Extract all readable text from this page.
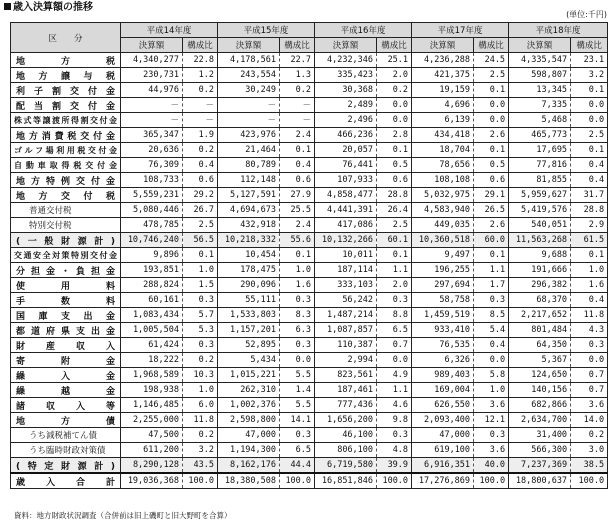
歳入決算額の推移
(単位:千円)
区　　分	平成14年度		平成15年度		平成16年度		平成17年度		平成18年度	
	決算額	構成比	決算額	構成比	決算額	構成比	決算額	構成比	決算額	構成比
地　方　税	4,340,277	22.8	4,178,561	22.7	4,232,346	25.1	4,236,288	24.5	4,335,547	23.1
地方譲与税	230,731	1.2	243,554	1.3	335,423	2.0	421,375	2.5	598,807	3.2
利子割交付金	44,976	0.2	30,249	0.2	30,368	0.2	19,159	0.1	13,345	0.1
配当割交付金	－	－	－	－	2,489	0.0	4,696	0.0	7,335	0.0
株式等譲渡所得割交付金	－	－	－	－	2,496	0.0	6,139	0.0	5,468	0.0
地方消費税交付金	365,347	1.9	423,976	2.4	466,236	2.8	434,418	2.6	465,773	2.5
ゴルフ場利用税交付金	20,636	0.2	21,464	0.1	20,057	0.1	18,704	0.1	17,695	0.1
自動車取得税交付金	76,309	0.4	80,789	0.4	76,441	0.5	78,656	0.5	77,816	0.4
地方特例交付金	108,733	0.6	112,148	0.6	107,933	0.6	108,108	0.6	81,855	0.4
地方交付税	5,559,231	29.2	5,127,591	27.9	4,858,477	28.8	5,032,975	29.1	5,959,627	31.7
普通交付税	5,080,446	26.7	4,694,673	25.5	4,441,391	26.4	4,583,940	26.5	5,419,576	28.8
特別交付税	478,785	2.5	432,918	2.4	417,086	2.5	449,035	2.6	540,051	2.9
(一般財源計)	10,746,240	56.5	10,218,332	55.6	10,132,266	60.1	10,360,518	60.0	11,563,268	61.5
交通安全対策特別交付金	9,896	0.1	10,454	0.1	10,011	0.1	9,497	0.1	9,688	0.1
分担金・負担金	193,851	1.0	178,475	1.0	187,114	1.1	196,255	1.1	191,666	1.0
使　用　料	288,824	1.5	290,096	1.6	333,103	2.0	297,694	1.7	296,382	1.6
手　数　料	60,161	0.3	55,111	0.3	56,242	0.3	58,758	0.3	68,370	0.4
国庫支出金	1,083,434	5.7	1,533,803	8.3	1,487,214	8.8	1,459,519	8.5	2,217,652	11.8
都道府県支出金	1,005,504	5.3	1,157,201	6.3	1,087,857	6.5	933,410	5.4	801,484	4.3
財産収入	61,424	0.3	52,895	0.3	110,387	0.7	76,535	0.4	64,350	0.3
寄　附　金	18,222	0.2	5,434	0.0	2,994	0.0	6,326	0.0	5,367	0.0
繰　入　金	1,968,589	10.3	1,015,221	5.5	823,561	4.9	989,403	5.8	124,650	0.7
繰　越　金	198,938	1.0	262,310	1.4	187,461	1.1	169,004	1.0	140,156	0.7
諸　収　入　等	1,146,485	6.0	1,002,376	5.5	777,436	4.6	626,550	3.6	682,866	3.6
地　方　債	2,255,000	11.8	2,598,800	14.1	1,656,200	9.8	2,093,400	12.1	2,634,700	14.0
うち減税補てん債	47,500	0.2	47,000	0.3	46,100	0.3	47,000	0.3	31,400	0.2
うち臨時財政対策債	611,200	3.2	1,194,300	6.5	806,100	4.8	619,100	3.6	566,300	3.0
(特定財源計)	8,290,128	43.5	8,162,176	44.4	6,719,580	39.9	6,916,351	40.0	7,237,369	38.5
歳　入　合　計	19,036,368	100.0	18,380,508	100.0	16,851,846	100.0	17,276,869	100.0	18,800,637	100.0
資料：地方財政状況調査（合併前は旧上磯町と旧大野町を合算）
